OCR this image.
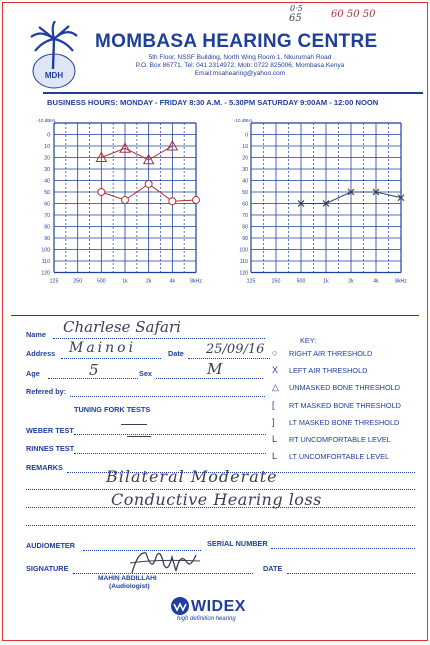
0·5
65	60 50 50
MDH
MOMBASA HEARING CENTRE
5th Floor, NSSF Building, North Wing Room 1, Nkurumah Road
P.O. Box 86771, Tel: 041 2314972, Mob: 0722 825006, Mombasa Kenya
Email:msahearing@yahoo.com
BUSINESS HOURS: MONDAY - FRIDAY 8:30 A.M. - 5.30PM SATURDAY 9:00AM - 12:00 NOON
-10 dBHL
0
10
20
30
40
50
60
70
80
90
100
110
120
125	250	500	1k	2k	4k	8kHz
-10 dBHL
0
10
20
30
40
50
60
70
80
90
100
110
120
125	250	500	1k	2k	4k	8kHz
Name Charlese Safari
Address Mainoi	Date 25/09/16
Age	5	Sex	M
Refered by:
TUNING FORK TESTS
WEBER TEST
RINNES TEST
REMARKS	Bilateral Moderate
Conductive Hearing loss
AUDIOMETER	SERIAL NUMBER
SIGNATURE	DATE
MAHIN ABDILLAHI
(Audiologist)
KEY:
○ RIGHT AIR THRESHOLD
X LEFT AIR THRESHOLD
△ UNMASKED BONE THRESHOLD
[ RT MASKED BONE THRESHOLD
] LT MASKED BONE THRESHOLD
L RT UNCOMFORTABLE LEVEL
L LT UNCOMFORTABLE LEVEL
WIDEX
high definition hearing
